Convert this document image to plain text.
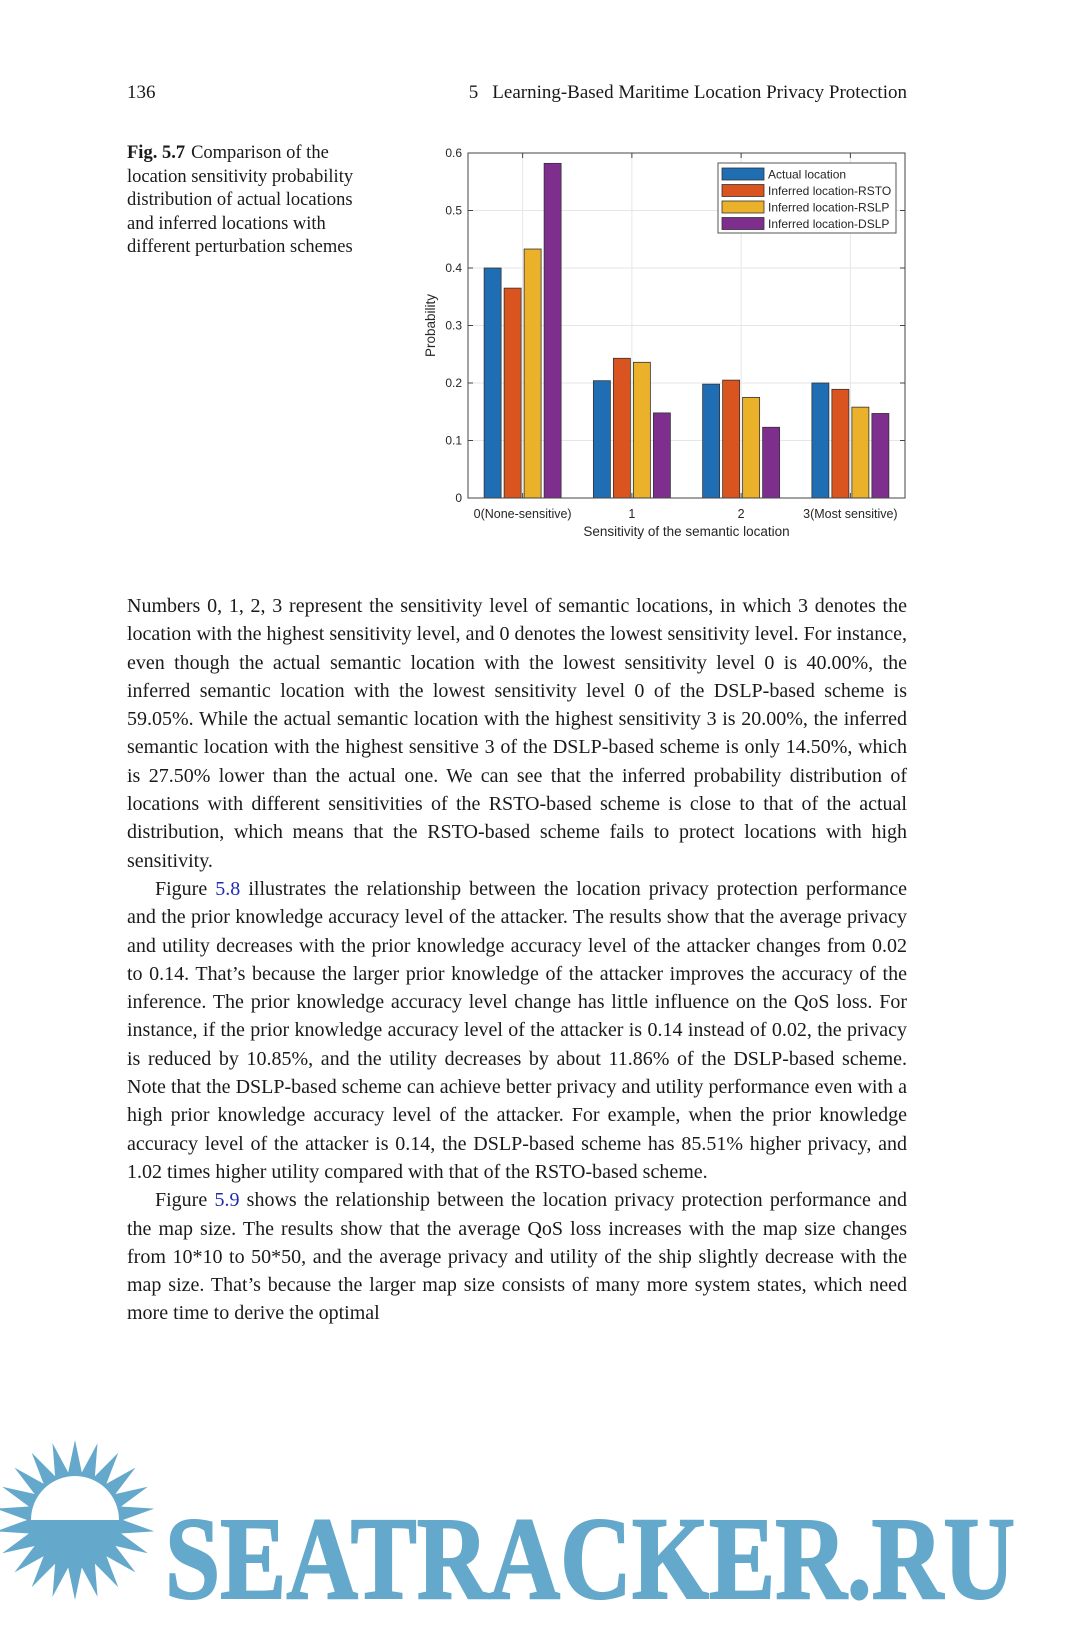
136	5 Learning-Based Maritime Location Privacy Protection
Fig. 5.7 Comparison of the location sensitivity probability distribution of actual locations and inferred locations with different perturbation schemes
0
0.1
0.2
0.3
0.4
0.5
0.6
0(None-sensitive)	1	2	3(Most sensitive)
Sensitivity of the semantic location
Probability
Actual location
Inferred location-RSTO
Inferred location-RSLP
Inferred location-DSLP

Numbers 0, 1, 2, 3 represent the sensitivity level of semantic locations, in which 3 denotes the location with the highest sensitivity level, and 0 denotes the lowest sensitivity level. For instance, even though the actual semantic location with the lowest sensitivity level 0 is 40.00%, the inferred semantic location with the lowest sensitivity level 0 of the DSLP-based scheme is 59.05%. While the actual semantic location with the highest sensitivity 3 is 20.00%, the inferred semantic location with the highest sensitive 3 of the DSLP-based scheme is only 14.50%, which is 27.50% lower than the actual one. We can see that the inferred probability distribution of locations with different sensitivities of the RSTO-based scheme is close to that of the actual distribution, which means that the RSTO-based scheme fails to protect locations with high sensitivity.

Figure 5.8 illustrates the relationship between the location privacy protection performance and the prior knowledge accuracy level of the attacker. The results show that the average privacy and utility decreases with the prior knowledge accuracy level of the attacker changes from 0.02 to 0.14. That’s because the larger prior knowledge of the attacker improves the accuracy of the inference. The prior knowledge accuracy level change has little influence on the QoS loss. For instance, if the prior knowledge accuracy level of the attacker is 0.14 instead of 0.02, the privacy is reduced by 10.85%, and the utility decreases by about 11.86% of the DSLP-based scheme. Note that the DSLP-based scheme can achieve better privacy and utility performance even with a high prior knowledge accuracy level of the attacker. For example, when the prior knowledge accuracy level of the attacker is 0.14, the DSLP-based scheme has 85.51% higher privacy, and 1.02 times higher utility compared with that of the RSTO-based scheme.

Figure 5.9 shows the relationship between the location privacy protection performance and the map size. The results show that the average QoS loss increases with the map size changes from 10*10 to 50*50, and the average privacy and utility of the ship slightly decrease with the map size. That’s because the larger map size consists of many more system states, which need more time to derive the optimal

SEATRACKER.RU
